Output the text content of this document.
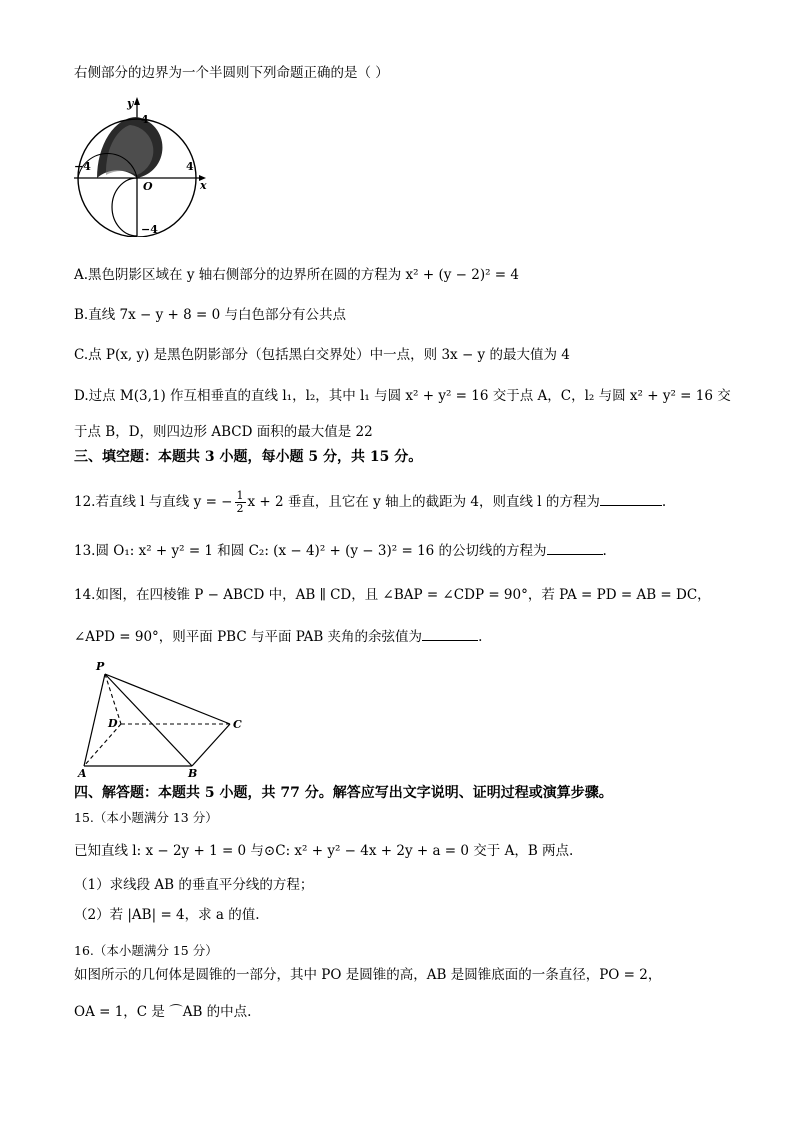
右侧部分的边界为一个半圆则下列命题正确的是（ ）
y
4
−4	4
x
O
−4
A.黑色阴影区域在 y 轴右侧部分的边界所在圆的方程为 x² + (y − 2)² = 4
B.直线 7x − y + 8 = 0 与白色部分有公共点
C.点 P(x, y) 是黑色阴影部分（包括黑白交界处）中一点，则 3x − y 的最大值为 4
D.过点 M(3,1) 作互相垂直的直线 l₁，l₂，其中 l₁ 与圆 x² + y² = 16 交于点 A，C，l₂ 与圆 x² + y² = 16 交
于点 B，D，则四边形 ABCD 面积的最大值是 22
三、填空题：本题共 3 小题，每小题 5 分，共 15 分。
12.若直线 l 与直线 y = − $\frac{1}{2}$ x + 2 垂直，且它在 y 轴上的截距为 4，则直线 l 的方程为	.
13.圆 O₁: x² + y² = 1 和圆 C₂: (x − 4)² + (y − 3)² = 16 的公切线的方程为	.
14.如图，在四棱锥 P − ABCD 中，AB ∥ CD，且 ∠BAP = ∠CDP = 90°，若 PA = PD = AB = DC，
∠APD = 90°，则平面 PBC 与平面 PAB 夹角的余弦值为	.
P
D	C
A	B
四、解答题：本题共 5 小题，共 77 分。解答应写出文字说明、证明过程或演算步骤。
15.（本小题满分 13 分）
已知直线 l: x − 2y + 1 = 0 与⊙C: x² + y² − 4x + 2y + a = 0 交于 A，B 两点.
（1）求线段 AB 的垂直平分线的方程；
（2）若 |AB| = 4，求 a 的值.
16.（本小题满分 15 分）
如图所示的几何体是圆锥的一部分，其中 PO 是圆锥的高，AB 是圆锥底面的一条直径，PO = 2，
OA = 1，C 是 ⌒AB 的中点.
